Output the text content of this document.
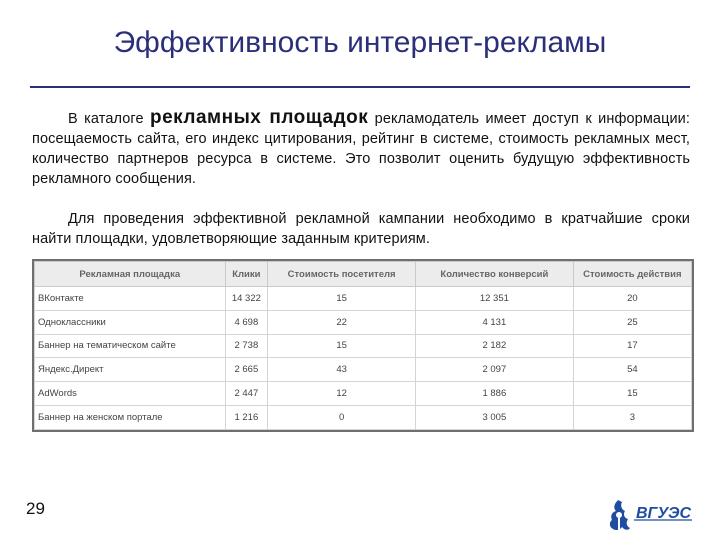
Эффективность интернет-рекламы
В каталоге рекламных площадок рекламодатель имеет доступ к информации: посещаемость сайта, его индекс цитирования, рейтинг в системе, стоимость рекламных мест, количество партнеров ресурса в системе. Это позволит оценить будущую эффективность рекламного сообщения.
Для проведения эффективной рекламной кампании необходимо в кратчайшие сроки найти площадки, удовлетворяющие заданным критериям.
Рекламная площадка	Клики	Стоимость посетителя	Количество конверсий	Стоимость действия
ВКонтакте	14 322	15	12 351	20
Одноклассники	4 698	22	4 131	25
Баннер на тематическом сайте	2 738	15	2 182	17
Яндекс.Директ	2 665	43	2 097	54
AdWords	2 447	12	1 886	15
Баннер на женском портале	1 216	0	3 005	3
29	ВГУЭС
